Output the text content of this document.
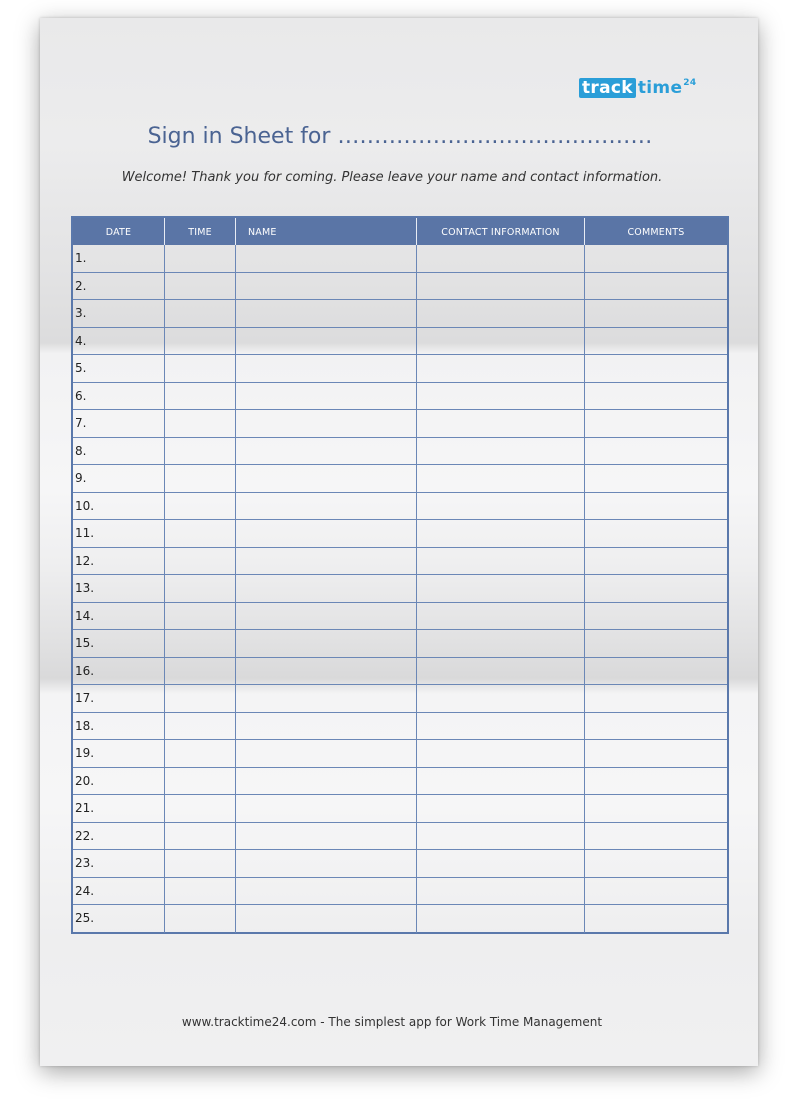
track time 24
Sign in Sheet for ………………….…………………
Welcome! Thank you for coming. Please leave your name and contact information.
DATE	TIME	NAME	CONTACT INFORMATION	COMMENTS
1.
2.
3.
4.
5.
6.
7.
8.
9.
10.
11.
12.
13.
14.
15.
16.
17.
18.
19.
20.
21.
22.
23.
24.
25.
www.tracktime24.com - The simplest app for Work Time Management
